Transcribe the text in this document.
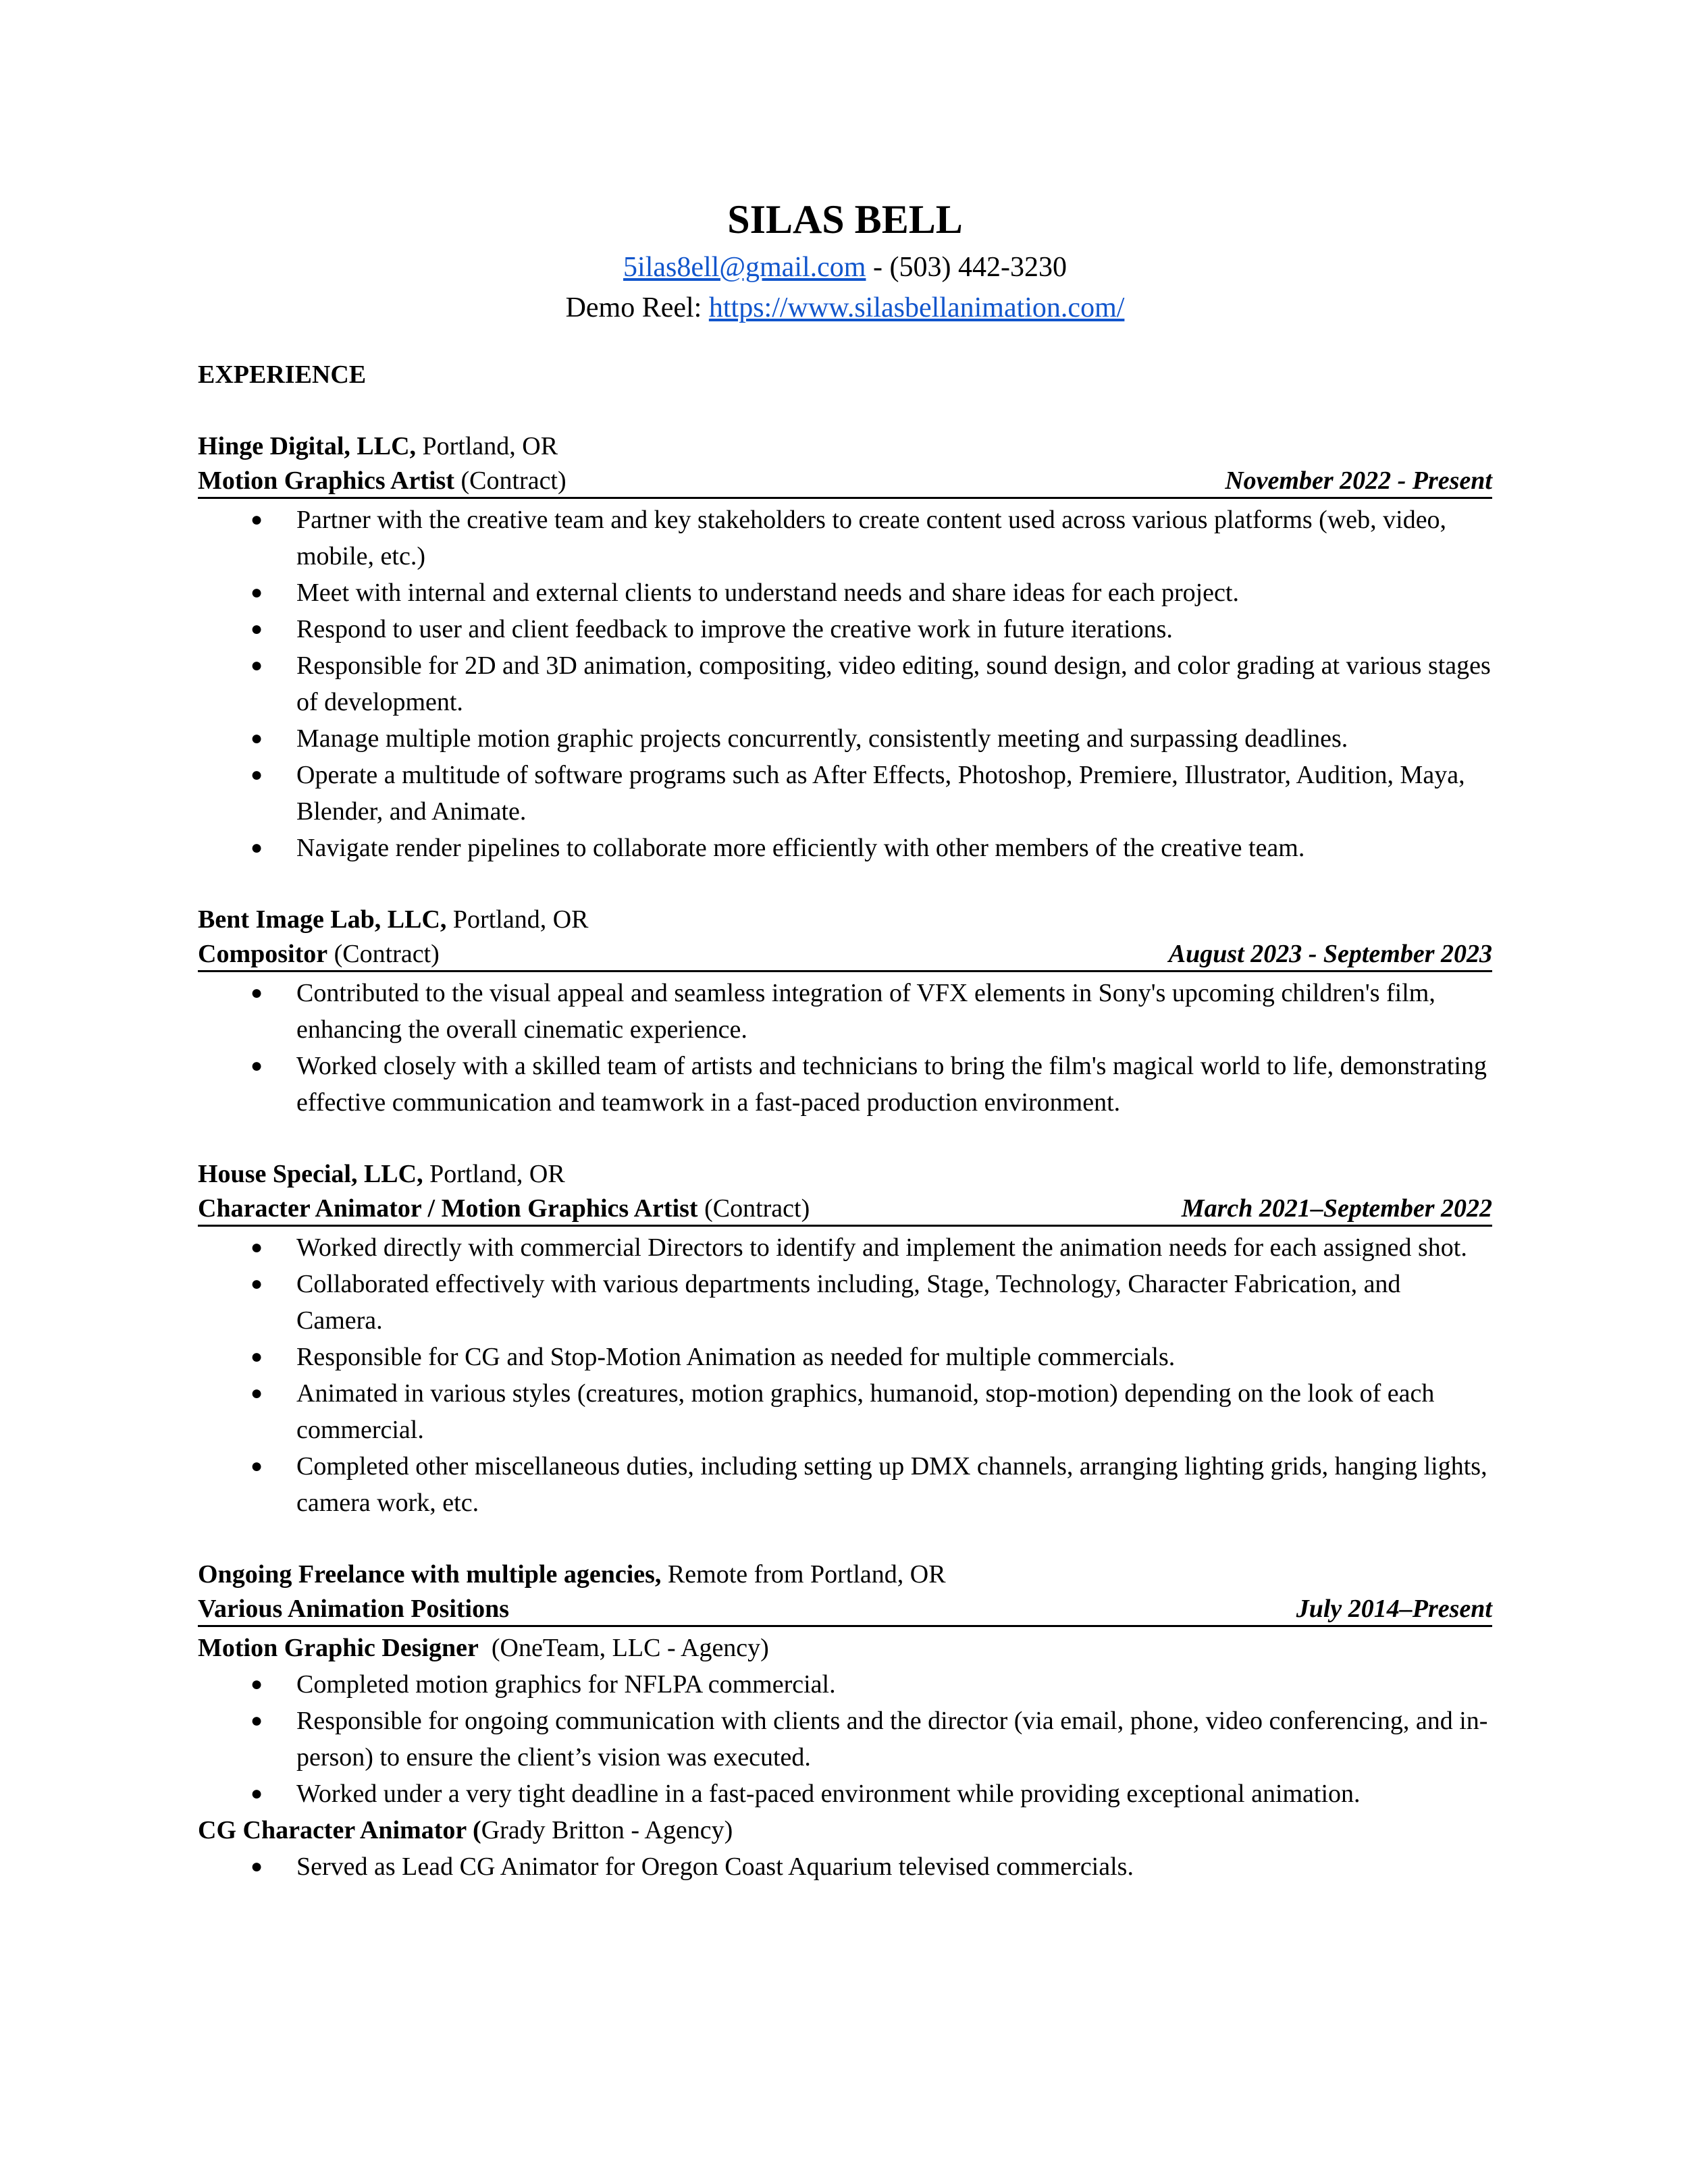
SILAS BELL
5ilas8ell@gmail.com - (503) 442-3230
Demo Reel: https://www.silasbellanimation.com/
EXPERIENCE
Hinge Digital, LLC, Portland, OR
Motion Graphics Artist (Contract)	November 2022 - Present
● Partner with the creative team and key stakeholders to create content used across various platforms (web, video, mobile, etc.)
● Meet with internal and external clients to understand needs and share ideas for each project.
● Respond to user and client feedback to improve the creative work in future iterations.
● Responsible for 2D and 3D animation, compositing, video editing, sound design, and color grading at various stages of development.
● Manage multiple motion graphic projects concurrently, consistently meeting and surpassing deadlines.
● Operate a multitude of software programs such as After Effects, Photoshop, Premiere, Illustrator, Audition, Maya, Blender, and Animate.
● Navigate render pipelines to collaborate more efficiently with other members of the creative team.
Bent Image Lab, LLC, Portland, OR
Compositor (Contract)	August 2023 - September 2023
● Contributed to the visual appeal and seamless integration of VFX elements in Sony's upcoming children's film, enhancing the overall cinematic experience.
● Worked closely with a skilled team of artists and technicians to bring the film's magical world to life, demonstrating effective communication and teamwork in a fast-paced production environment.
House Special, LLC, Portland, OR
Character Animator / Motion Graphics Artist (Contract)	March 2021–September 2022
● Worked directly with commercial Directors to identify and implement the animation needs for each assigned shot.
● Collaborated effectively with various departments including, Stage, Technology, Character Fabrication, and Camera.
● Responsible for CG and Stop-Motion Animation as needed for multiple commercials.
● Animated in various styles (creatures, motion graphics, humanoid, stop-motion) depending on the look of each commercial.
● Completed other miscellaneous duties, including setting up DMX channels, arranging lighting grids, hanging lights, camera work, etc.
Ongoing Freelance with multiple agencies, Remote from Portland, OR
Various Animation Positions	July 2014–Present
Motion Graphic Designer  (OneTeam, LLC - Agency)
● Completed motion graphics for NFLPA commercial.
● Responsible for ongoing communication with clients and the director (via email, phone, video conferencing, and in-person) to ensure the client’s vision was executed.
● Worked under a very tight deadline in a fast-paced environment while providing exceptional animation.
CG Character Animator (Grady Britton - Agency)
● Served as Lead CG Animator for Oregon Coast Aquarium televised commercials.
